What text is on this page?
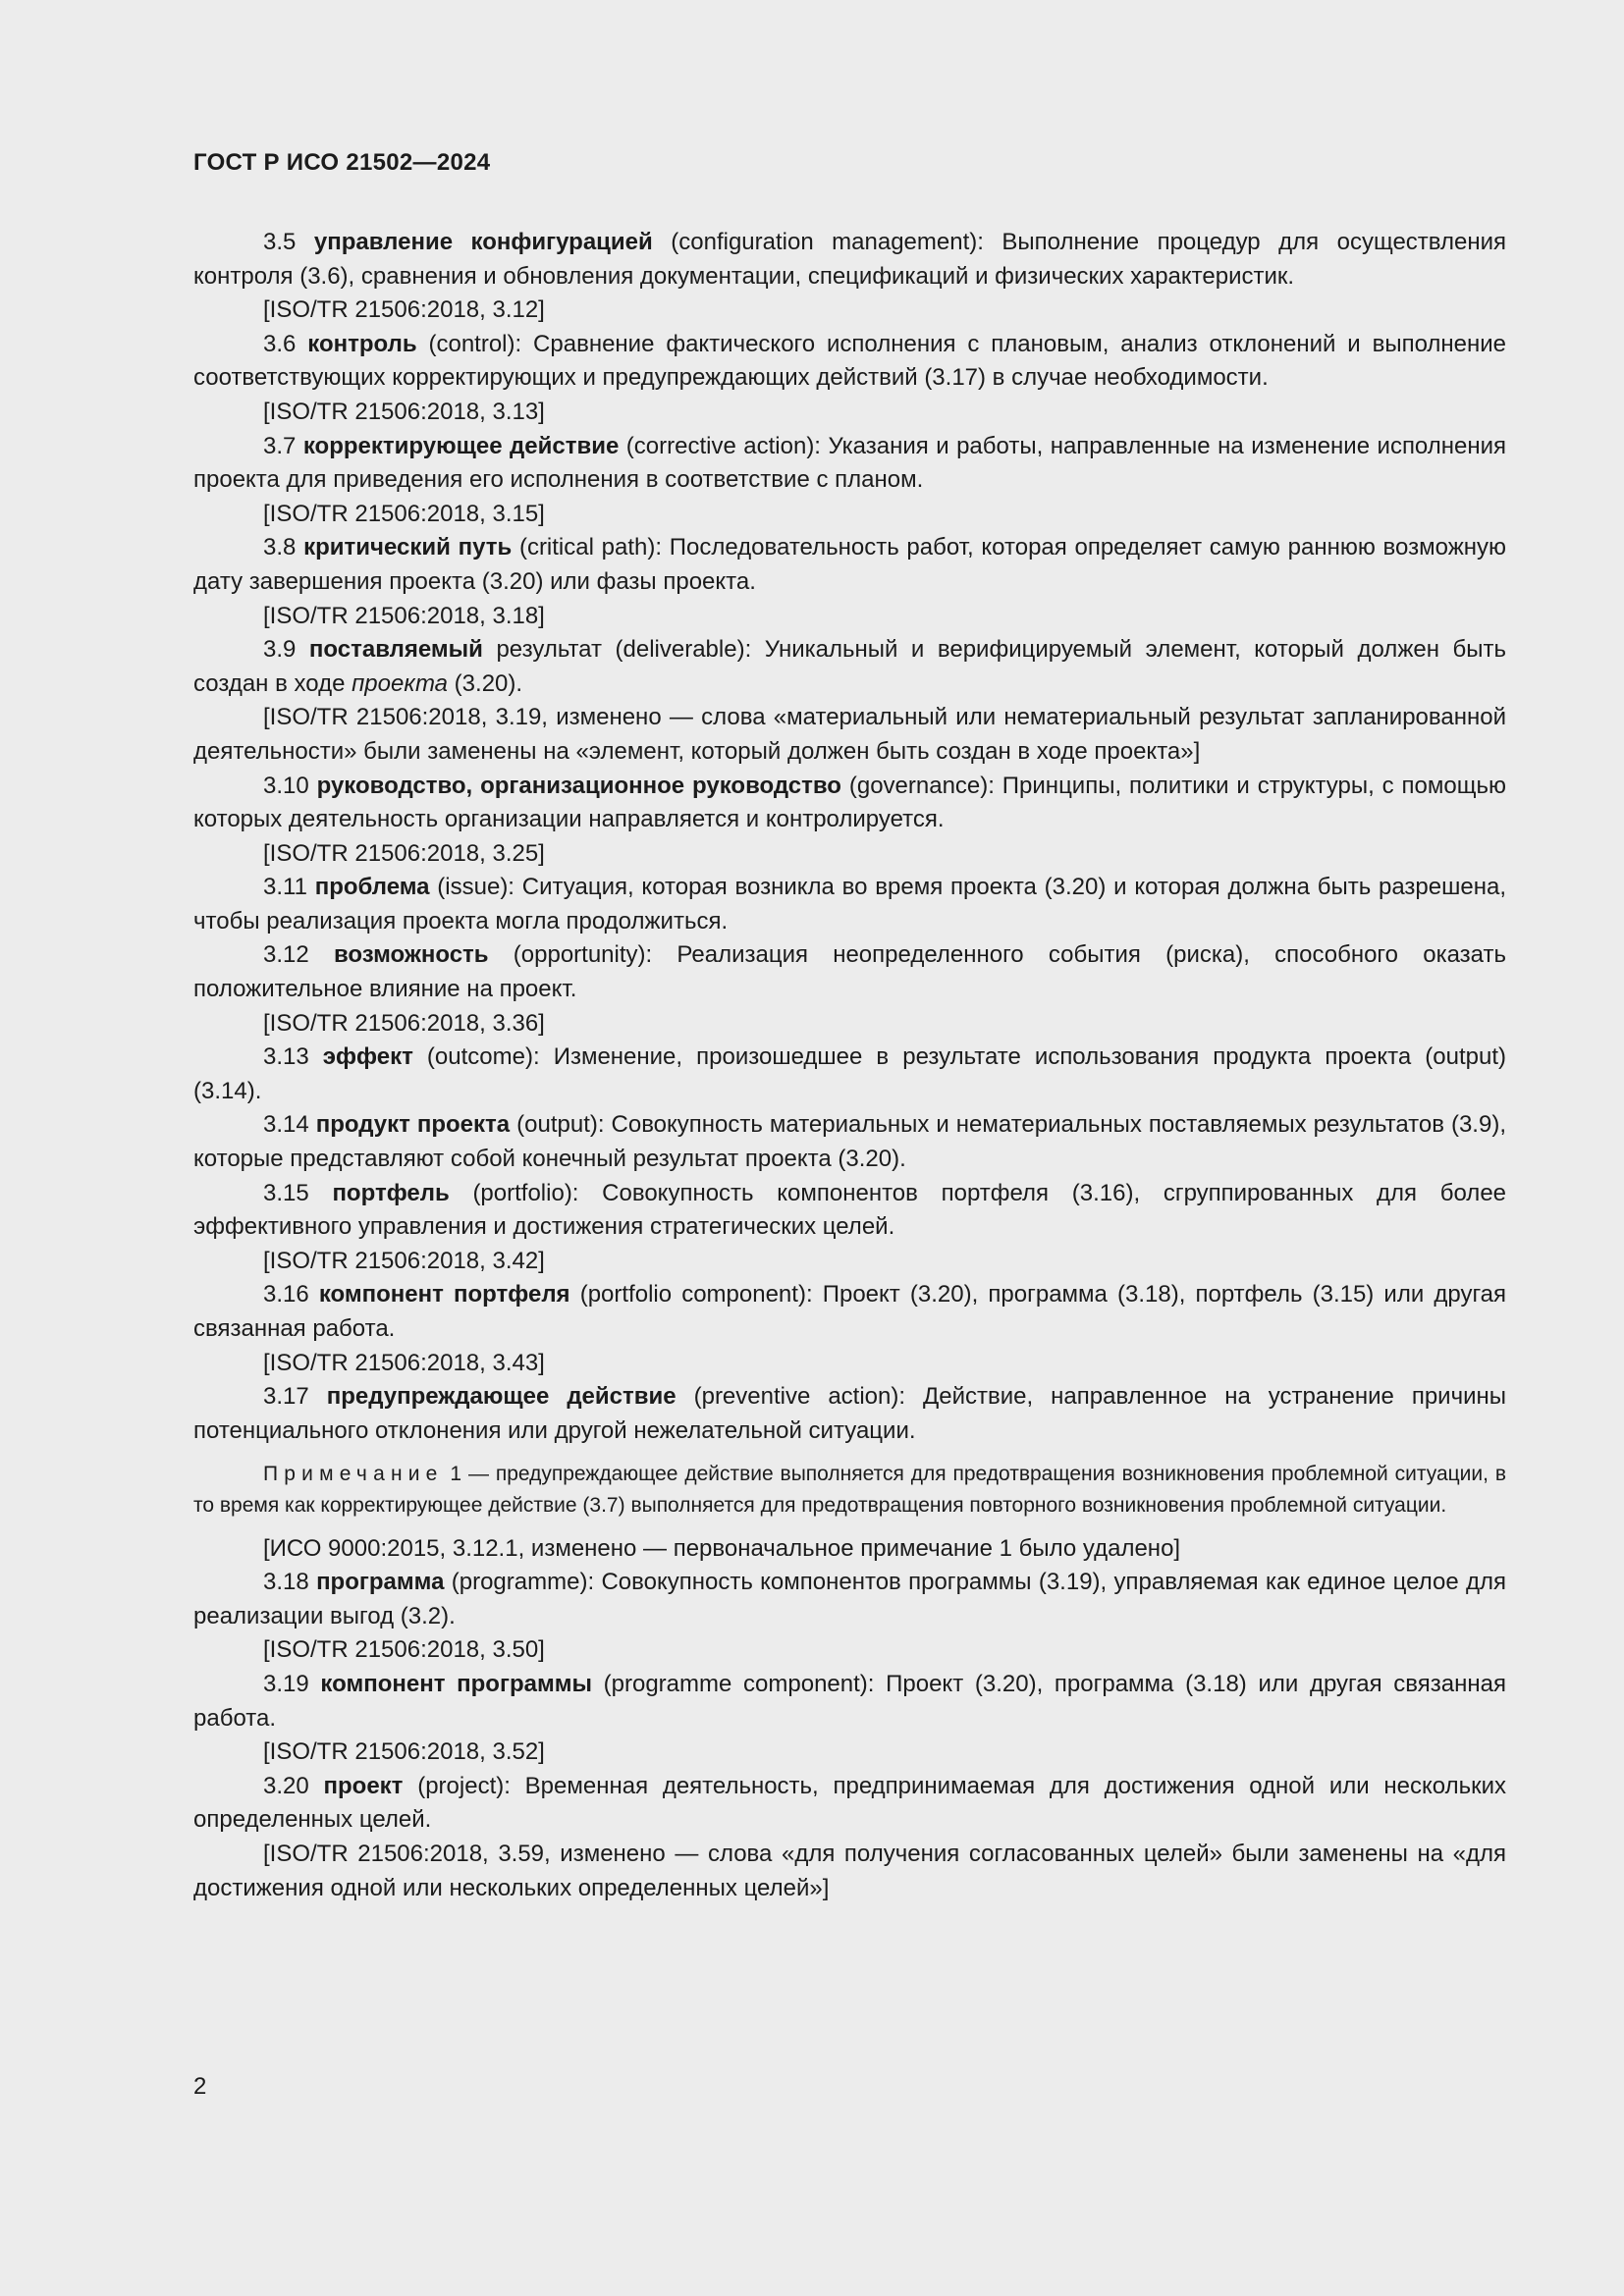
ГОСТ Р ИСО 21502—2024

3.5 управление конфигурацией (configuration management): Выполнение процедур для осуществления контроля (3.6), сравнения и обновления документации, спецификаций и физических характеристик.

[ISO/TR 21506:2018, 3.12]

3.6 контроль (control): Сравнение фактического исполнения с плановым, анализ отклонений и выполнение соответствующих корректирующих и предупреждающих действий (3.17) в случае необходимости.

[ISO/TR 21506:2018, 3.13]

3.7 корректирующее действие (corrective action): Указания и работы, направленные на изменение исполнения проекта для приведения его исполнения в соответствие с планом.

[ISO/TR 21506:2018, 3.15]

3.8 критический путь (critical path): Последовательность работ, которая определяет самую раннюю возможную дату завершения проекта (3.20) или фазы проекта.

[ISO/TR 21506:2018, 3.18]

3.9 поставляемый результат (deliverable): Уникальный и верифицируемый элемент, который должен быть создан в ходе проекта (3.20).

[ISO/TR 21506:2018, 3.19, изменено — слова «материальный или нематериальный результат запланированной деятельности» были заменены на «элемент, который должен быть создан в ходе проекта»]

3.10 руководство, организационное руководство (governance): Принципы, политики и структуры, с помощью которых деятельность организации направляется и контролируется.

[ISO/TR 21506:2018, 3.25]

3.11 проблема (issue): Ситуация, которая возникла во время проекта (3.20) и которая должна быть разрешена, чтобы реализация проекта могла продолжиться.

3.12 возможность (opportunity): Реализация неопределенного события (риска), способного оказать положительное влияние на проект.

[ISO/TR 21506:2018, 3.36]

3.13 эффект (outcome): Изменение, произошедшее в результате использования продукта проекта (output) (3.14).

3.14 продукт проекта (output): Совокупность материальных и нематериальных поставляемых результатов (3.9), которые представляют собой конечный результат проекта (3.20).

3.15 портфель (portfolio): Совокупность компонентов портфеля (3.16), сгруппированных для более эффективного управления и достижения стратегических целей.

[ISO/TR 21506:2018, 3.42]

3.16 компонент портфеля (portfolio component): Проект (3.20), программа (3.18), портфель (3.15) или другая связанная работа.

[ISO/TR 21506:2018, 3.43]

3.17 предупреждающее действие (preventive action): Действие, направленное на устранение причины потенциального отклонения или другой нежелательной ситуации.

Примечание 1 — предупреждающее действие выполняется для предотвращения возникновения проблемной ситуации, в то время как корректирующее действие (3.7) выполняется для предотвращения повторного возникновения проблемной ситуации.

[ИСО 9000:2015, 3.12.1, изменено — первоначальное примечание 1 было удалено]

3.18 программа (programme): Совокупность компонентов программы (3.19), управляемая как единое целое для реализации выгод (3.2).

[ISO/TR 21506:2018, 3.50]

3.19 компонент программы (programme component): Проект (3.20), программа (3.18) или другая связанная работа.

[ISO/TR 21506:2018, 3.52]

3.20 проект (project): Временная деятельность, предпринимаемая для достижения одной или нескольких определенных целей.

[ISO/TR 21506:2018, 3.59, изменено — слова «для получения согласованных целей» были заменены на «для достижения одной или нескольких определенных целей»]

2
